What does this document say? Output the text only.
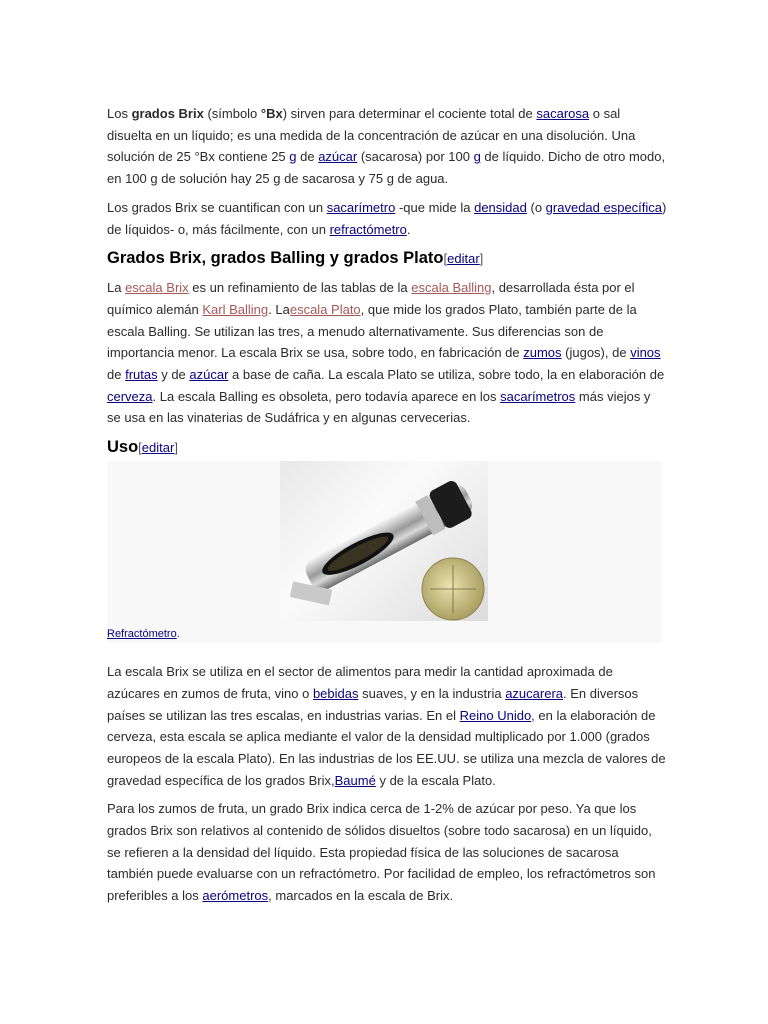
Los grados Brix (símbolo °Bx) sirven para determinar el cociente total de sacarosa o sal disuelta en un líquido; es una medida de la concentración de azúcar en una disolución. Una solución de 25 °Bx contiene 25 g de azúcar (sacarosa) por 100 g de líquido. Dicho de otro modo, en 100 g de solución hay 25 g de sacarosa y 75 g de agua.

Los grados Brix se cuantifican con un sacarímetro -que mide la densidad (o gravedad específica) de líquidos- o, más fácilmente, con un refractómetro.

Grados Brix, grados Balling y grados Plato[editar]

La escala Brix es un refinamiento de las tablas de la escala Balling, desarrollada ésta por el químico alemán Karl Balling. Laescala Plato, que mide los grados Plato, también parte de la escala Balling. Se utilizan las tres, a menudo alternativamente. Sus diferencias son de importancia menor. La escala Brix se usa, sobre todo, en fabricación de zumos (jugos), de vinos de frutas y de azúcar a base de caña. La escala Plato se utiliza, sobre todo, la en elaboración de cerveza. La escala Balling es obsoleta, pero todavía aparece en los sacarímetros más viejos y se usa en las vinaterias de Sudáfrica y en algunas cervecerias.

Uso[editar]
Refractómetro.

La escala Brix se utiliza en el sector de alimentos para medir la cantidad aproximada de azúcares en zumos de fruta, vino o bebidas suaves, y en la industria azucarera. En diversos países se utilizan las tres escalas, en industrias varias. En el Reino Unido, en la elaboración de cerveza, esta escala se aplica mediante el valor de la densidad multiplicado por 1.000 (grados europeos de la escala Plato). En las industrias de los EE.UU. se utiliza una mezcla de valores de gravedad específica de los grados Brix,Baumé y de la escala Plato.

Para los zumos de fruta, un grado Brix indica cerca de 1-2% de azúcar por peso. Ya que los grados Brix son relativos al contenido de sólidos disueltos (sobre todo sacarosa) en un líquido, se refieren a la densidad del líquido. Esta propiedad física de las soluciones de sacarosa también puede evaluarse con un refractómetro. Por facilidad de empleo, los refractómetros son preferibles a los aerómetros, marcados en la escala de Brix.
